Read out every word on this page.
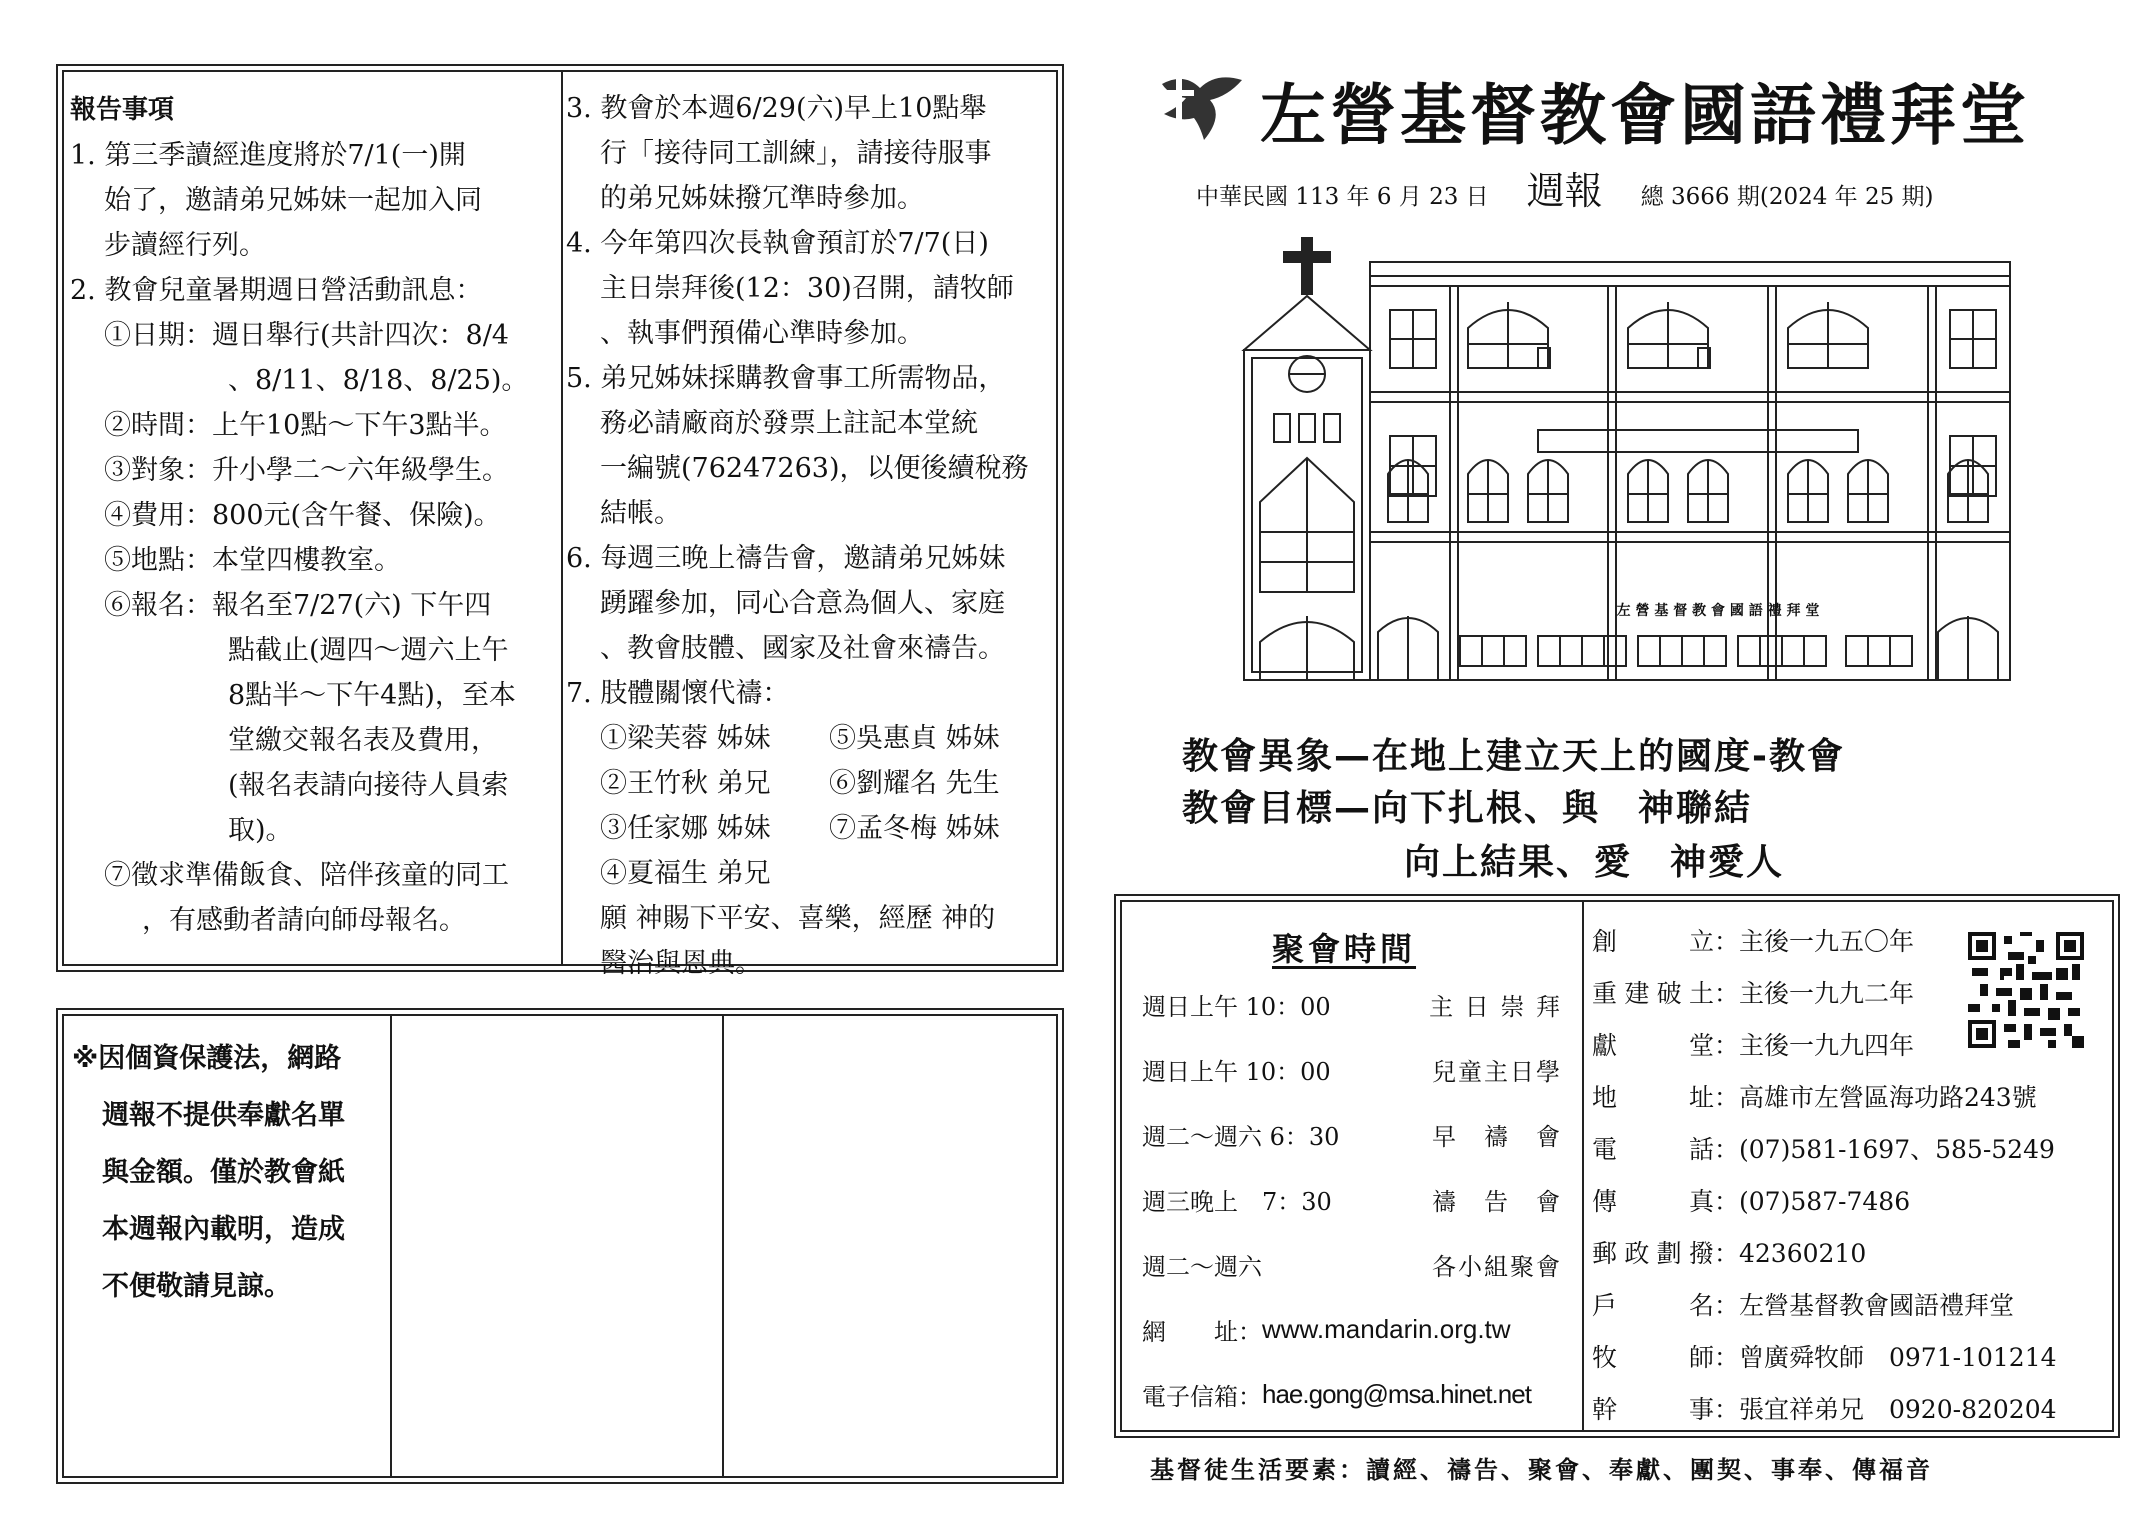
報告事項
1. 第三季讀經進度將於7/1(一)開
始了，邀請弟兄姊妹一起加入同
步讀經行列。
2. 教會兒童暑期週日營活動訊息：
①日期：週日舉行(共計四次：8/4
、8/11、8/18、8/25)。
②時間：上午10點～下午3點半。
③對象：升小學二～六年級學生。
④費用：800元(含午餐、保險)。
⑤地點：本堂四樓教室。
⑥報名：報名至7/27(六) 下午四
點截止(週四～週六上午
8點半～下午4點)，至本
堂繳交報名表及費用，
(報名表請向接待人員索
取)。
⑦徵求準備飯食、陪伴孩童的同工
，有感動者請向師母報名。
3. 教會於本週6/29(六)早上10點舉
行「接待同工訓練」，請接待服事
的弟兄姊妹撥冗準時參加。
4. 今年第四次長執會預訂於7/7(日)
主日崇拜後(12：30)召開，請牧師
、執事們預備心準時參加。
5. 弟兄姊妹採購教會事工所需物品，
務必請廠商於發票上註記本堂統
一編號(76247263)，以便後續稅務
結帳。
6. 每週三晚上禱告會，邀請弟兄姊妹
踴躍參加，同心合意為個人、家庭
、教會肢體、國家及社會來禱告。
7. 肢體關懷代禱：
①梁芙蓉 姊妹	⑤吳惠貞 姊妹
②王竹秋 弟兄	⑥劉耀名 先生
③任家娜 姊妹	⑦孟冬梅 姊妹
④夏福生 弟兄
願 神賜下平安、喜樂，經歷 神的
醫治與恩典。
※因個資保護法，網路
週報不提供奉獻名單
與金額。僅於教會紙
本週報內載明，造成
不便敬請見諒。
左營基督教會國語禮拜堂
中華民國 113 年 6 月 23 日 週報 總 3666 期(2024 年 25 期)
左 營 基 督 教 會 國 語 禮 拜 堂
教會異象—在地上建立天上的國度-教會
教會目標—向下扎根、與　神聯結
向上結果、愛　神愛人
聚會時間
週日上午 10：00	主 日 崇 拜
週日上午 10：00	兒童主日學
週二～週六 6：30	早　禱　會
週三晚上　7：30	禱　告　會
週二～週六	各小組聚會
網　　址： www.mandarin.org.tw
電子信箱： hae.gong@msa.hinet.net
創立 ：主後一九五〇年
重建破土 ：主後一九九二年
獻堂 ：主後一九九四年
地址 ：高雄市左營區海功路243號
電話 ：(07)581-1697、585-5249
傳真 ：(07)587-7486
郵政劃撥 ：42360210
戶名 ：左營基督教會國語禮拜堂
牧師 ：曾廣舜牧師　0971-101214
幹事 ：張宜祥弟兄　0920-820204
基督徒生活要素：讀經、禱告、聚會、奉獻、團契、事奉、傳福音
